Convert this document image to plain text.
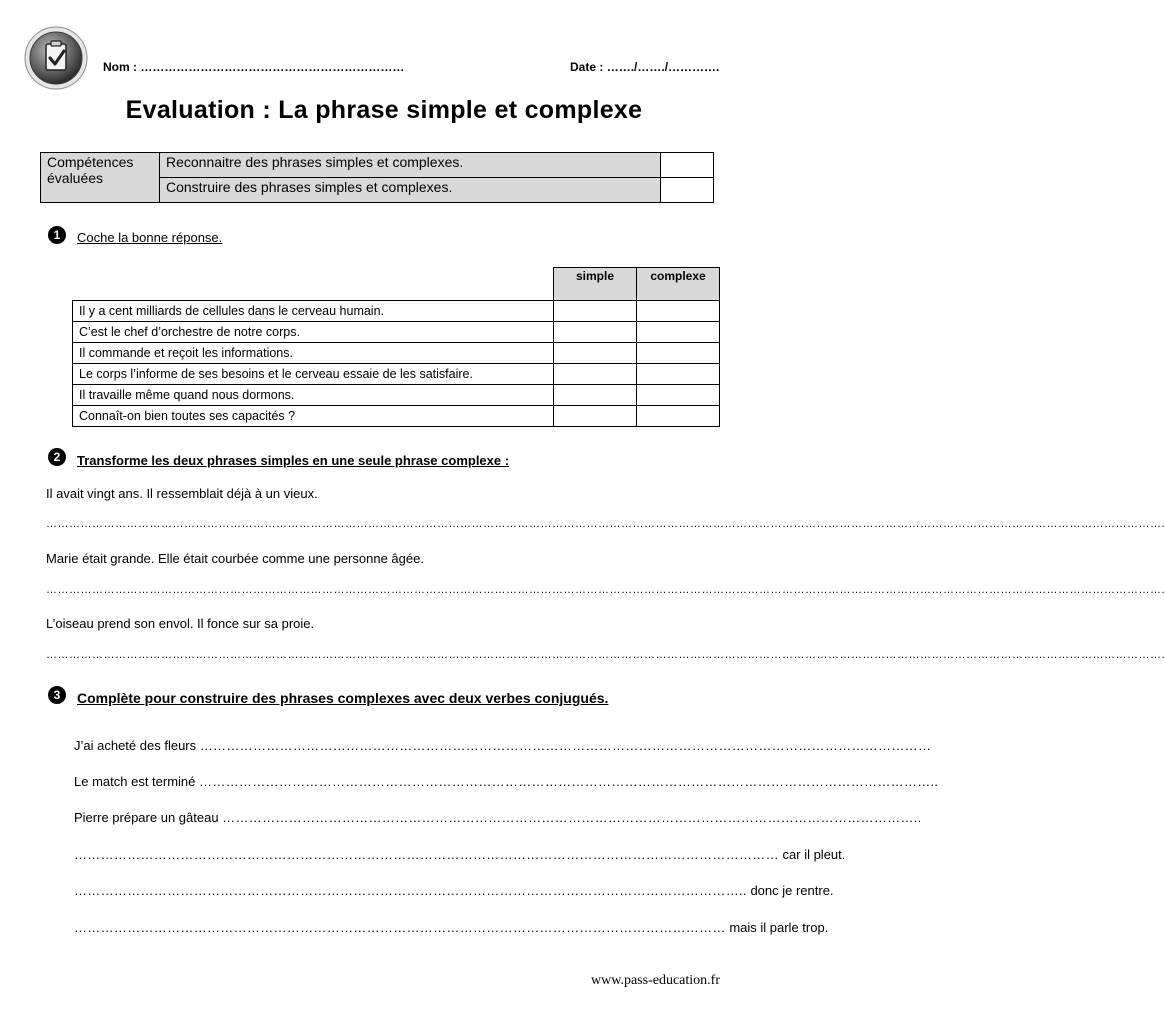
Nom : …………………………………………………………	Date : ……./……./………….
Evaluation : La phrase simple et complexe
Compétences
évaluées	Reconnaitre des phrases simples et complexes.	
	Construire des phrases simples et complexes.	
1	Coche la bonne réponse.
	simple	complexe
Il y a cent milliards de cellules dans le cerveau humain.		
C’est le chef d’orchestre de notre corps.		
Il commande et reçoit les informations.		
Le corps l’informe de ses besoins et le cerveau essaie de les satisfaire.		
Il travaille même quand nous dormons.		
Connaît-on bien toutes ses capacités ?		
2	Transforme les deux phrases simples en une seule phrase complexe :
Il avait vingt ans. Il ressemblait déjà à un vieux.
………………………………………………………………………………………………………………………………………………………………………………………………………………………………………………………………….
Marie était grande. Elle était courbée comme une personne âgée.
………………………………………………………………………………………………………………………………………………………………………………………………………………………………………………………………….
L’oiseau prend son envol. Il fonce sur sa proie.
………………………………………………………………………………………………………………………………………………………………………………………………………………………………………………………………….
3	Complète pour construire des phrases complexes avec deux verbes conjugués.
J’ai acheté des fleurs …………………………………………………………………………………………………………………………………………………
Le match est terminé …………………………………………………………………………………………………………………………………………………..
Pierre prépare un gâteau …………………………………………………………………………………………………………………………………………..
…………………………………………………………………………………………………………………………………………… car il pleut.
…………………………………………………………………………………………………………………………………….. donc je rentre.
………………………………………………………………………………………………………………………………… mais il parle trop.
www.pass-education.fr
